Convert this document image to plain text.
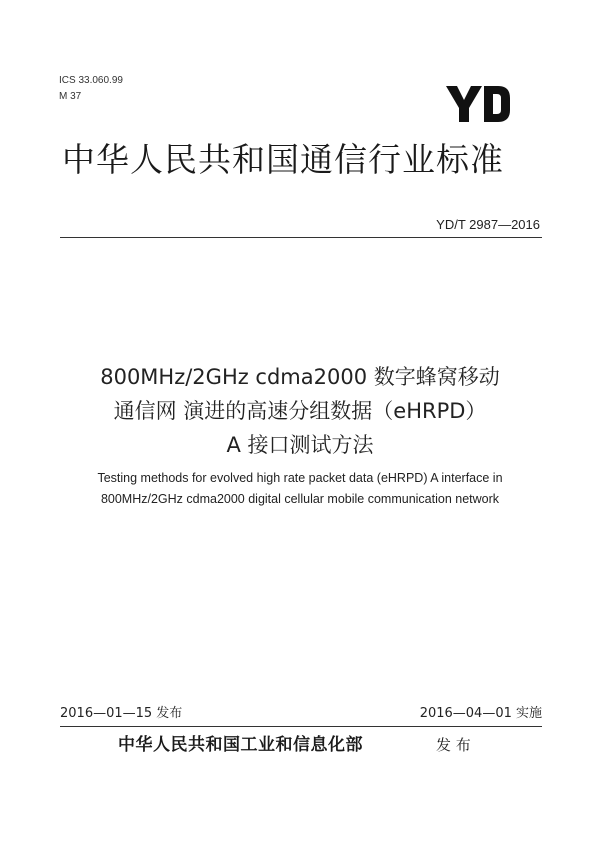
ICS 33.060.99
M 37
中华人民共和国通信行业标准
YD/T 2987—2016
800MHz/2GHz cdma2000 数字蜂窝移动
通信网 演进的高速分组数据（eHRPD）
A 接口测试方法
Testing methods for evolved high rate packet data (eHRPD) A interface in
800MHz/2GHz cdma2000 digital cellular mobile communication network
2016—01—15 发布	2016—04—01 实施
中华人民共和国工业和信息化部	发 布
